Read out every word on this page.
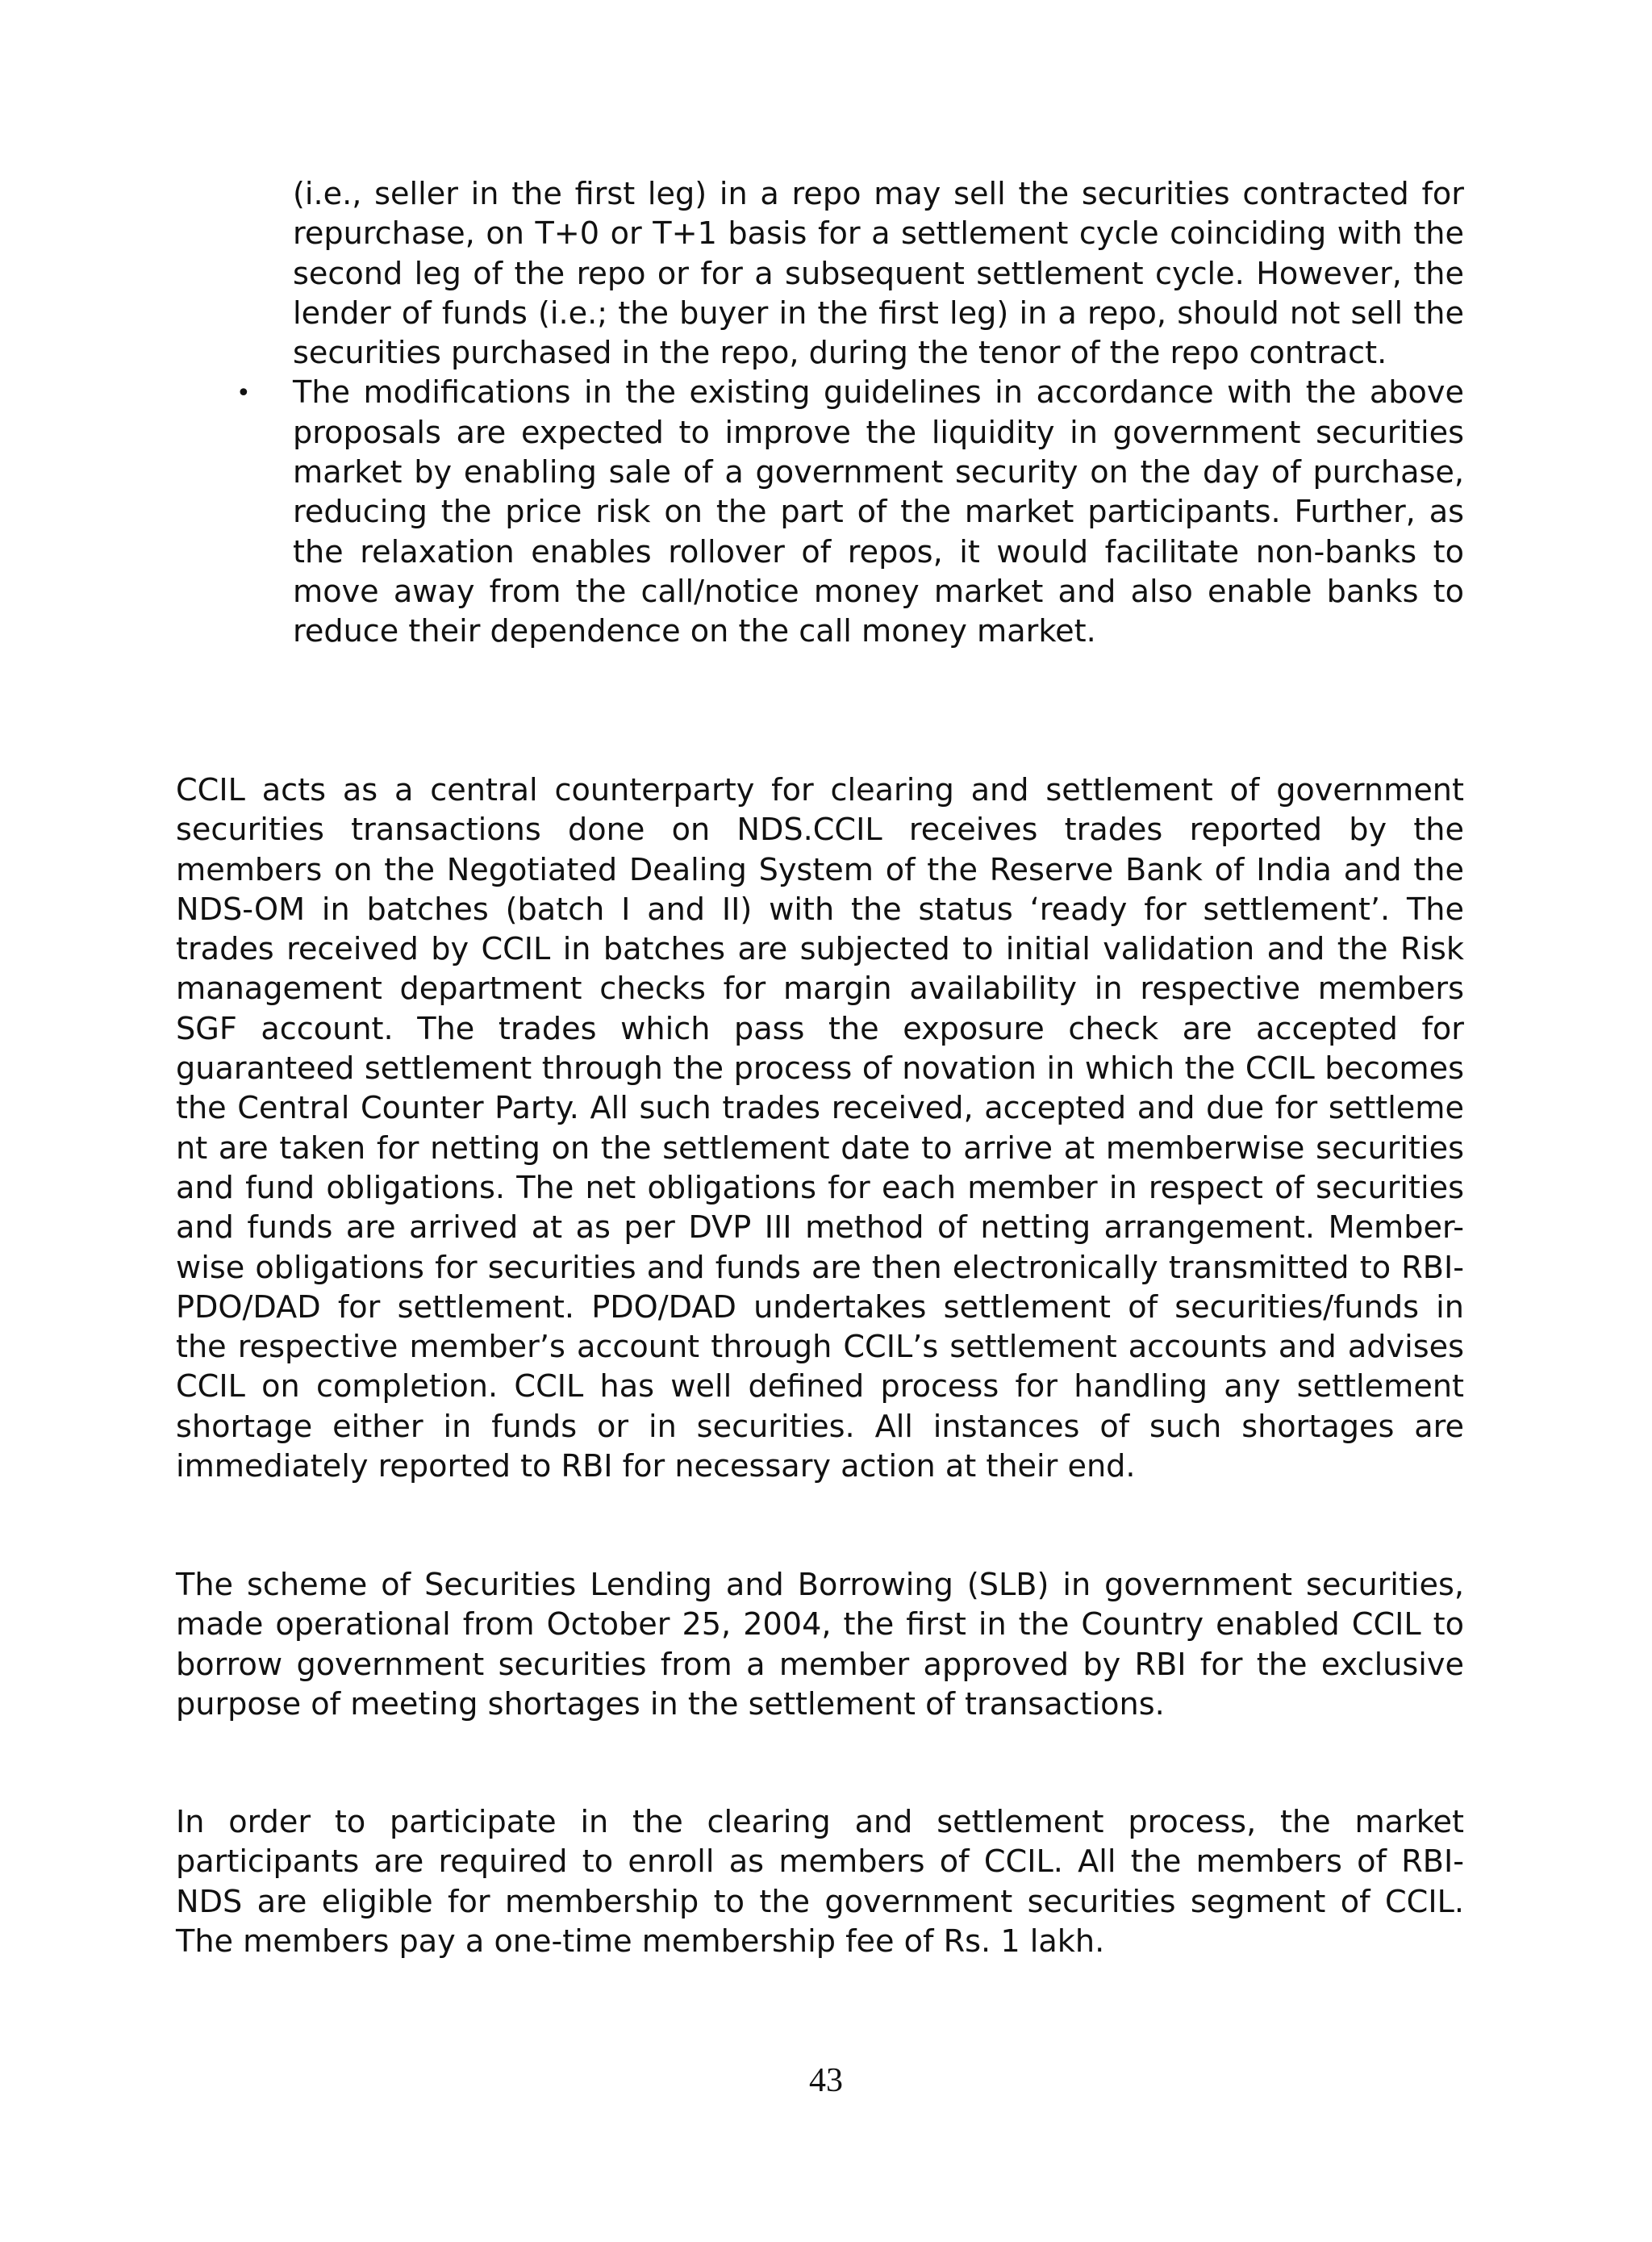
(i.e., seller in the first leg) in a repo may sell the securities contracted for repurchase, on T+0 or T+1 basis for a settlement cycle coinciding with the second leg of the repo or for a subsequent settlement cycle. However, the lender of funds (i.e.; the buyer in the first leg) in a repo, should not sell the securities purchased in the repo, during the tenor of the repo contract.

• The modifications in the existing guidelines in accordance with the above proposals are expected to improve the liquidity in government securities market by enabling sale of a government security on the day of purchase, reducing the price risk on the part of the market participants. Further, as the relaxation enables rollover of repos, it would facilitate non-banks to move away from the call/notice money market and also enable banks to reduce their dependence on the call money market.

CCIL acts as a central counterparty for clearing and settlement of government securities transactions done on NDS.CCIL receives trades reported by the members on the Negotiated Dealing System of the Reserve Bank of India and the NDS-OM in batches (batch I and II) with the status ‘ready for settlement’. The trades received by CCIL in batches are subjected to initial validation and the Risk management department checks for margin availability in respective members SGF account. The trades which pass the exposure check are accepted for guaranteed settlement through the process of novation in which the CCIL becomes the Central Counter Party. All such trades received, accepted and due for settleme nt are taken for netting on the settlement date to arrive at memberwise securities and fund obligations. The net obligations for each member in respect of securities and funds are arrived at as per DVP III method of netting arrangement. Member-wise obligations for securities and funds are then electronically transmitted to RBI-PDO/DAD for settlement. PDO/DAD undertakes settlement of securities/funds in the respective member’s account through CCIL’s settlement accounts and advises CCIL on completion. CCIL has well defined process for handling any settlement shortage either in funds or in securities. All instances of such shortages are immediately reported to RBI for necessary action at their end.

The scheme of Securities Lending and Borrowing (SLB) in government securities, made operational from October 25, 2004, the first in the Country enabled CCIL to borrow government securities from a member approved by RBI for the exclusive purpose of meeting shortages in the settlement of transactions.

In order to participate in the clearing and settlement process, the market participants are required to enroll as members of CCIL. All the members of RBI-NDS are eligible for membership to the government securities segment of CCIL. The members pay a one-time membership fee of Rs. 1 lakh.

43
